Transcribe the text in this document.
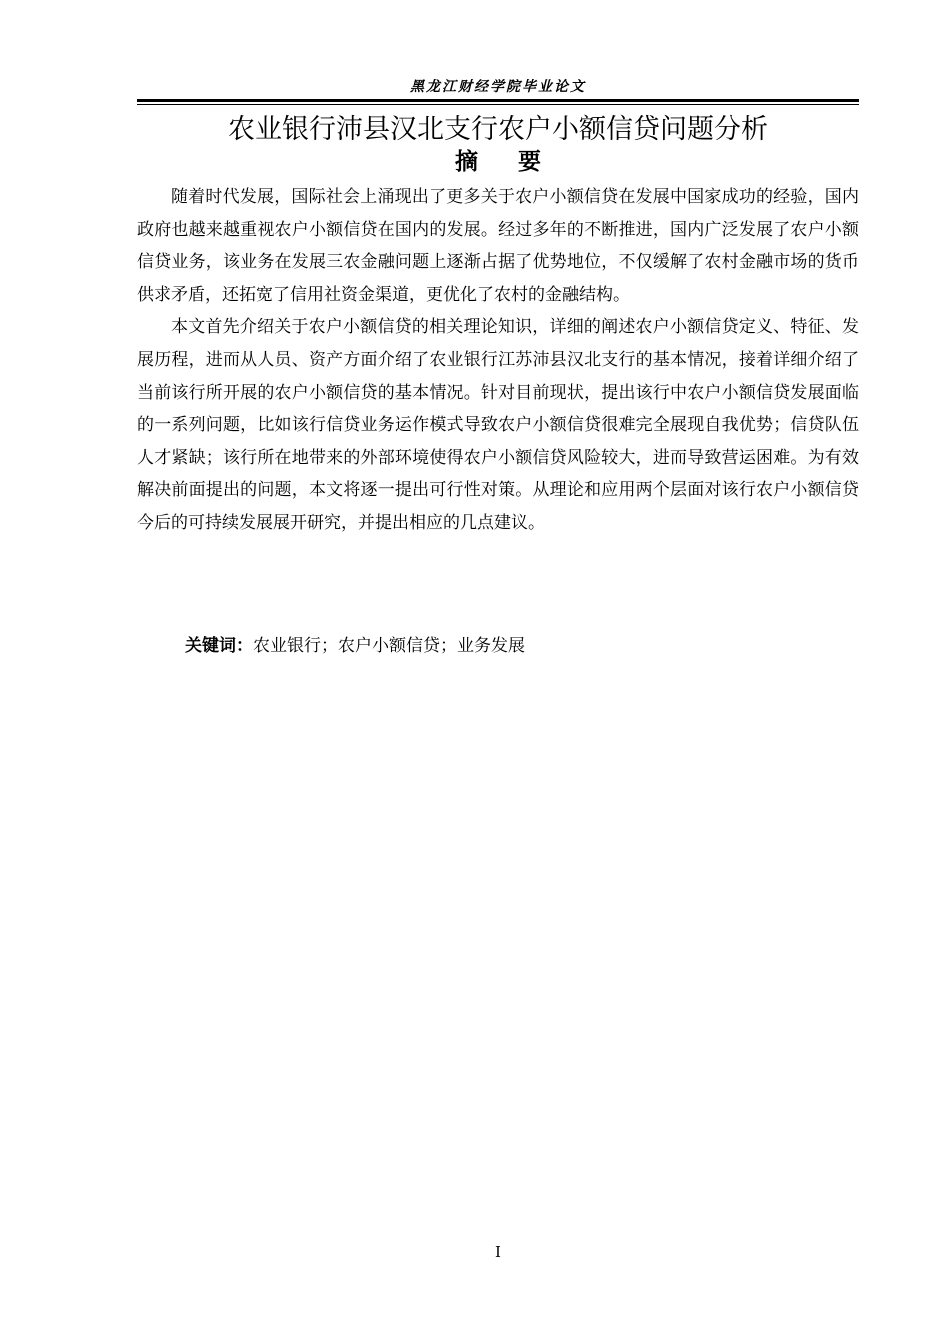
黑龙江财经学院毕业论文
农业银行沛县汉北支行农户小额信贷问题分析
摘要

随着时代发展，国际社会上涌现出了更多关于农户小额信贷在发展中国家成功的经验，国内政府也越来越重视农户小额信贷在国内的发展。经过多年的不断推进，国内广泛发展了农户小额信贷业务，该业务在发展三农金融问题上逐渐占据了优势地位，不仅缓解了农村金融市场的货币供求矛盾，还拓宽了信用社资金渠道，更优化了农村的金融结构。

本文首先介绍关于农户小额信贷的相关理论知识，详细的阐述农户小额信贷定义、特征、发展历程，进而从人员、资产方面介绍了农业银行江苏沛县汉北支行的基本情况，接着详细介绍了当前该行所开展的农户小额信贷的基本情况。针对目前现状，提出该行中农户小额信贷发展面临的一系列问题，比如该行信贷业务运作模式导致农户小额信贷很难完全展现自我优势；信贷队伍人才紧缺；该行所在地带来的外部环境使得农户小额信贷风险较大，进而导致营运困难。为有效解决前面提出的问题，本文将逐一提出可行性对策。从理论和应用两个层面对该行农户小额信贷今后的可持续发展展开研究，并提出相应的几点建议。

关键词：农业银行；农户小额信贷；业务发展
I
